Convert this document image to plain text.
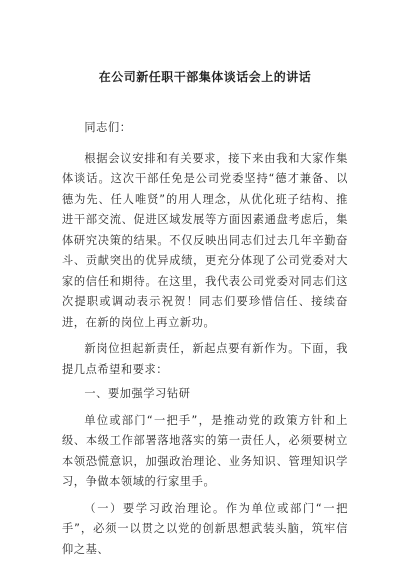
在公司新任职干部集体谈话会上的讲话

同志们：

根据会议安排和有关要求，接下来由我和大家作集体谈话。这次干部任免是公司党委坚持“德才兼备、以德为先、任人唯贤”的用人理念，从优化班子结构、推进干部交流、促进区域发展等方面因素通盘考虑后，集体研究决策的结果。不仅反映出同志们过去几年辛勤奋斗、贡献突出的优异成绩，更充分体现了公司党委对大家的信任和期待。在这里，我代表公司党委对同志们这次提职或调动表示祝贺！同志们要珍惜信任、接续奋进，在新的岗位上再立新功。

新岗位担起新责任，新起点要有新作为。下面，我提几点希望和要求：

一、要加强学习钻研

单位或部门“一把手”，是推动党的政策方针和上级、本级工作部署落地落实的第一责任人，必须要树立本领恐慌意识，加强政治理论、业务知识、管理知识学习，争做本领域的行家里手。

（一）要学习政治理论。作为单位或部门“一把手”，必须一以贯之以党的创新思想武装头脑，筑牢信仰之基、
